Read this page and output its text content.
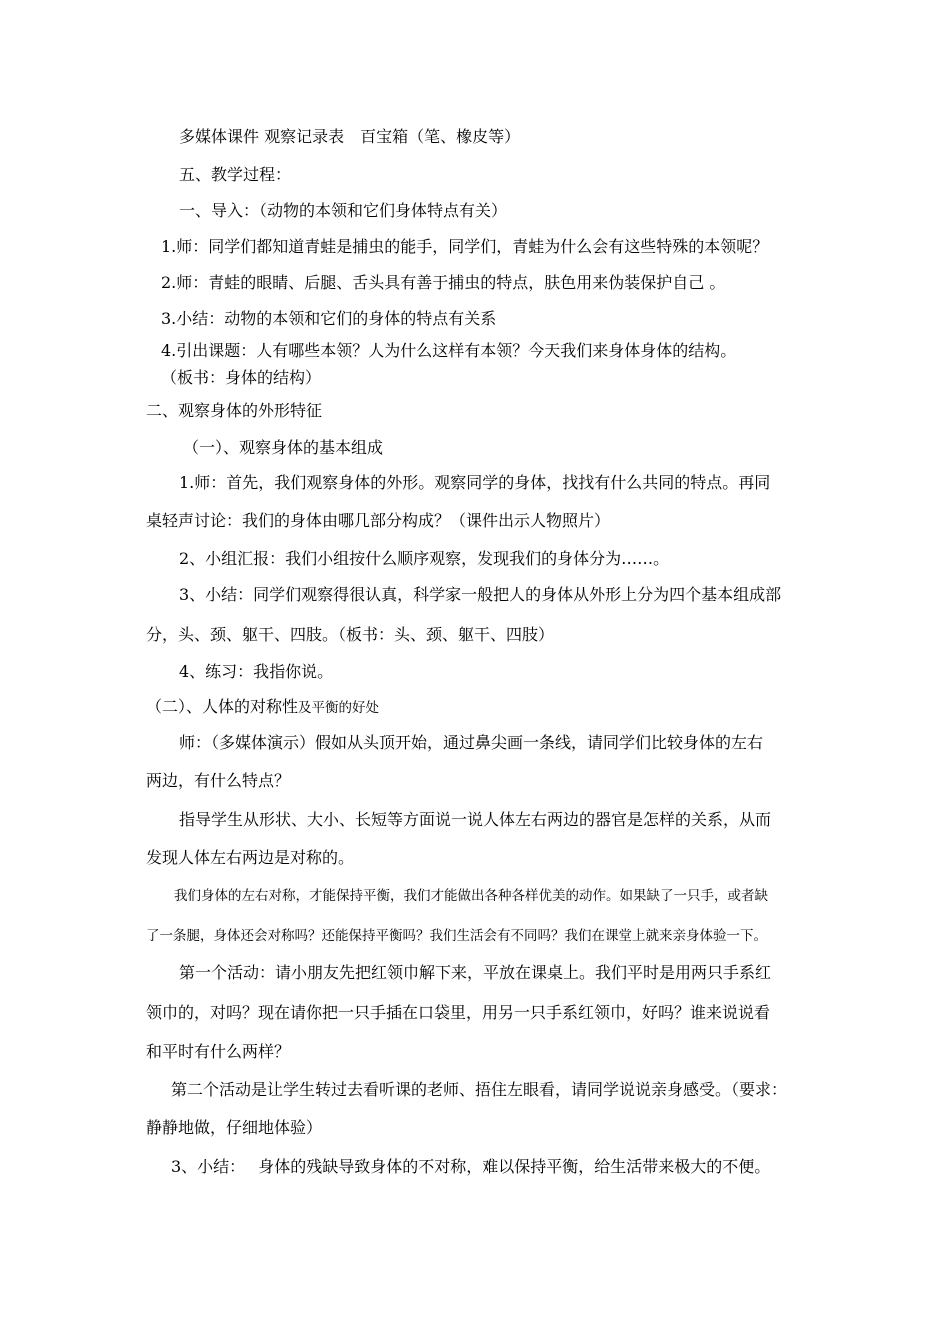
多媒体课件 观察记录表　百宝箱（笔、橡皮等）
五、教学过程：
一、导入：（动物的本领和它们身体特点有关）
1.师：同学们都知道青蛙是捕虫的能手，同学们，青蛙为什么会有这些特殊的本领呢？
2.师：青蛙的眼睛、后腿、舌头具有善于捕虫的特点，肤色用来伪装保护自己 。
3.小结：动物的本领和它们的身体的特点有关系
4.引出课题：人有哪些本领？人为什么这样有本领？今天我们来身体身体的结构。
（板书：身体的结构）
二、观察身体的外形特征
（一）、观察身体的基本组成
1.师：首先，我们观察身体的外形。观察同学的身体，找找有什么共同的特点。再同
桌轻声讨论：我们的身体由哪几部分构成？（课件出示人物照片）
2、小组汇报：我们小组按什么顺序观察，发现我们的身体分为……。
3、小结：同学们观察得很认真，科学家一般把人的身体从外形上分为四个基本组成部
分，头、颈、躯干、四肢。（板书：头、颈、躯干、四肢）
4、练习：我指你说。
（二）、人体的对称性及平衡的好处
师：（多媒体演示）假如从头顶开始，通过鼻尖画一条线，请同学们比较身体的左右
两边，有什么特点？
指导学生从形状、大小、长短等方面说一说人体左右两边的器官是怎样的关系，从而
发现人体左右两边是对称的。
我们身体的左右对称，才能保持平衡，我们才能做出各种各样优美的动作。如果缺了一只手，或者缺
了一条腿，身体还会对称吗？还能保持平衡吗？我们生活会有不同吗？我们在课堂上就来亲身体验一下。
第一个活动：请小朋友先把红领巾解下来，平放在课桌上。我们平时是用两只手系红
领巾的，对吗？现在请你把一只手插在口袋里，用另一只手系红领巾，好吗？谁来说说看
和平时有什么两样？
第二个活动是让学生转过去看听课的老师、捂住左眼看，请同学说说亲身感受。（要求：
静静地做，仔细地体验）
3、小结：　 身体的残缺导致身体的不对称，难以保持平衡，给生活带来极大的不便。
